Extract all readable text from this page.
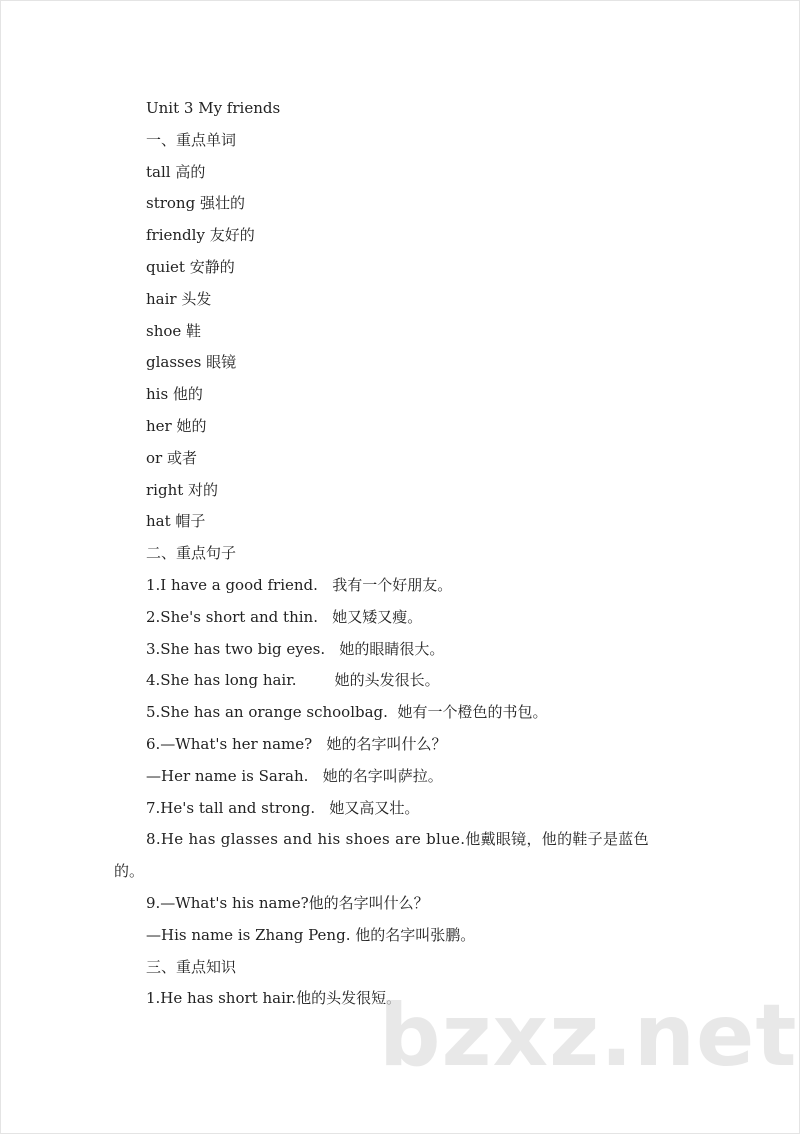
Unit 3 My friends
一、重点单词
tall 高的
strong 强壮的
friendly 友好的
quiet 安静的
hair 头发
shoe 鞋
glasses 眼镜
his 他的
her 她的
or 或者
right 对的
hat 帽子
二、重点句子
1.I have a good friend.   我有一个好朋友。
2.She's short and thin.   她又矮又瘦。
3.She has two big eyes.   她的眼睛很大。
4.She has long hair.        她的头发很长。
5.She has an orange schoolbag.  她有一个橙色的书包。
6.—What's her name?   她的名字叫什么？
—Her name is Sarah.   她的名字叫萨拉。
7.He's tall and strong.   她又高又壮。
8.He has glasses and his shoes are blue.他戴眼镜，他的鞋子是蓝色
的。
9.—What's his name?他的名字叫什么？
—His name is Zhang Peng. 他的名字叫张鹏。
三、重点知识
1.He has short hair.他的头发很短。
bzxz.net
